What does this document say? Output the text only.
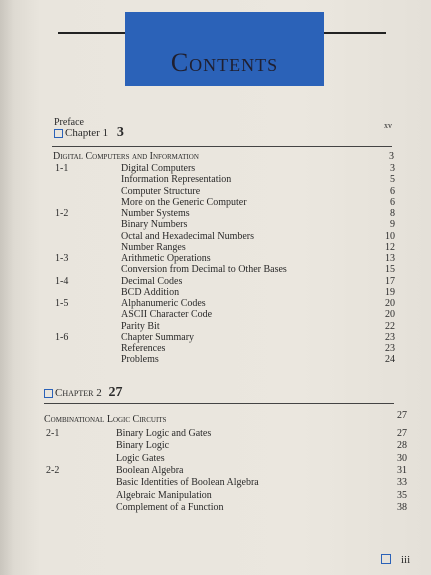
Contents
Preface	xv
Chapter 1 3
Digital Computers and Information	3
1-1	Digital Computers	3
Information Representation	5
Computer Structure	6
More on the Generic Computer	6
1-2	Number Systems	8
Binary Numbers	9
Octal and Hexadecimal Numbers	10
Number Ranges	12
1-3	Arithmetic Operations	13
Conversion from Decimal to Other Bases	15
1-4	Decimal Codes	17
BCD Addition	19
1-5	Alphanumeric Codes	20
ASCII Character Code	20
Parity Bit	22
1-6	Chapter Summary	23
References	23
Problems	24
Chapter 2 27
Combinational Logic Circuits	27
2-1	Binary Logic and Gates	27
Binary Logic	28
Logic Gates	30
2-2	Boolean Algebra	31
Basic Identities of Boolean Algebra	33
Algebraic Manipulation	35
Complement of a Function	38
iii
